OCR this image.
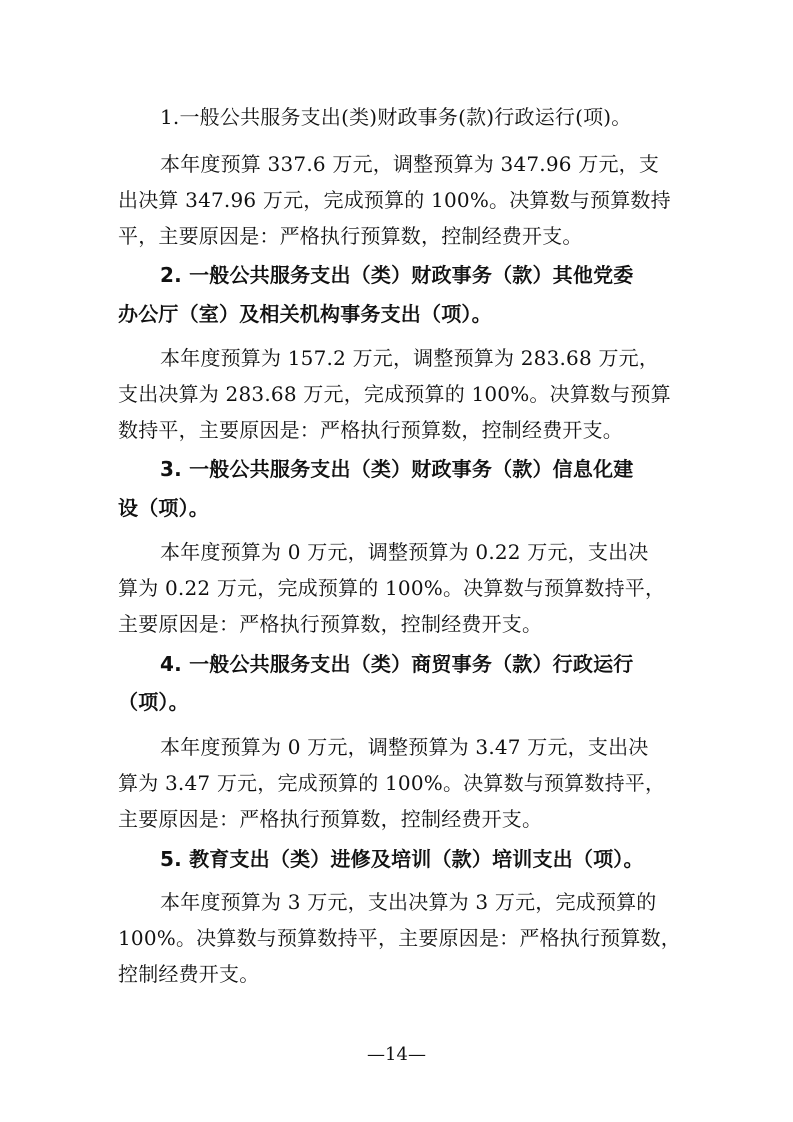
1.一般公共服务支出(类)财政事务(款)行政运行(项)。
本年度预算 337.6 万元，调整预算为 347.96 万元，支
出决算 347.96 万元，完成预算的 100%。决算数与预算数持
平，主要原因是：严格执行预算数，控制经费开支。
2. 一般公共服务支出（类）财政事务（款）其他党委
办公厅（室）及相关机构事务支出（项）。
本年度预算为 157.2 万元，调整预算为 283.68 万元，
支出决算为 283.68 万元，完成预算的 100%。决算数与预算
数持平，主要原因是：严格执行预算数，控制经费开支。
3. 一般公共服务支出（类）财政事务（款）信息化建
设（项）。
本年度预算为 0 万元，调整预算为 0.22 万元，支出决
算为 0.22 万元，完成预算的 100%。决算数与预算数持平，
主要原因是：严格执行预算数，控制经费开支。
4. 一般公共服务支出（类）商贸事务（款）行政运行
（项）。
本年度预算为 0 万元，调整预算为 3.47 万元，支出决
算为 3.47 万元，完成预算的 100%。决算数与预算数持平，
主要原因是：严格执行预算数，控制经费开支。
5. 教育支出（类）进修及培训（款）培训支出（项）。
本年度预算为 3 万元，支出决算为 3 万元，完成预算的
100%。决算数与预算数持平，主要原因是：严格执行预算数，
控制经费开支。
—14—
